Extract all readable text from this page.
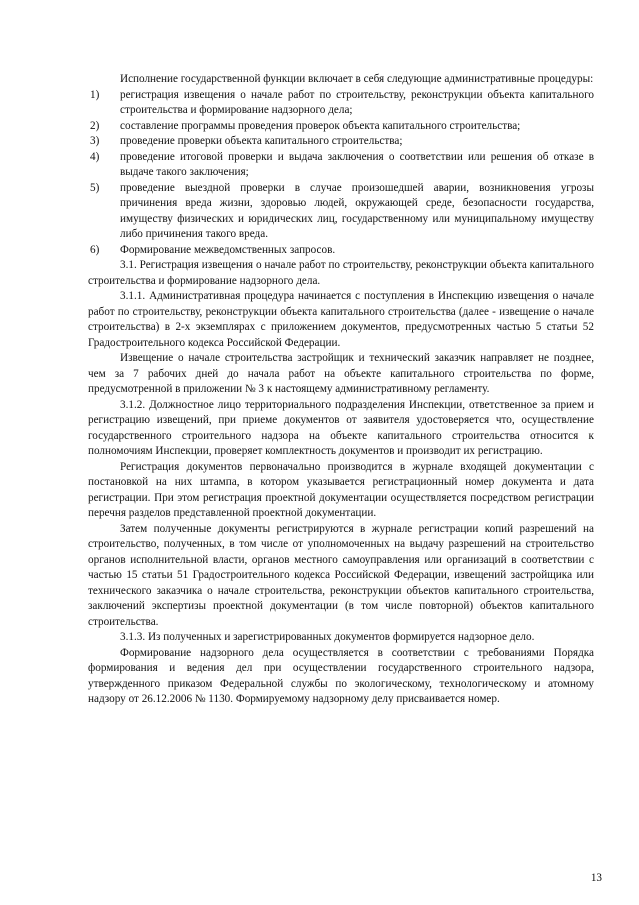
Исполнение государственной функции включает в себя следующие административные процедуры:

1)	регистрация извещения о начале работ по строительству, реконструкции объекта капитального строительства и формирование надзорного дела;
2)	составление программы проведения проверок объекта капитального строительства;
3)	проведение проверки объекта капитального строительства;
4)	проведение итоговой проверки и выдача заключения о соответствии или решения об отказе в выдаче такого заключения;
5)	проведение выездной проверки в случае произошедшей аварии, возникновения угрозы причинения вреда жизни, здоровью людей, окружающей среде, безопасности государства, имуществу физических и юридических лиц, государственному или муниципальному имуществу либо причинения такого вреда.
6)	Формирование межведомственных запросов.

3.1. Регистрация извещения о начале работ по строительству, реконструкции объекта капитального строительства и формирование надзорного дела.

3.1.1. Административная процедура начинается с поступления в Инспекцию извещения о начале работ по строительству, реконструкции объекта капитального строительства (далее - извещение о начале строительства) в 2-х экземплярах с приложением документов, предусмотренных частью 5 статьи 52 Градостроительного кодекса Российской Федерации.

Извещение о начале строительства застройщик и технический заказчик направляет не позднее, чем за 7 рабочих дней до начала работ на объекте капитального строительства по форме, предусмотренной в приложении № 3 к настоящему административному регламенту.

3.1.2. Должностное лицо территориального подразделения Инспекции, ответственное за прием и регистрацию извещений, при приеме документов от заявителя удостоверяется что, осуществление государственного строительного надзора на объекте капитального строительства относится к полномочиям Инспекции, проверяет комплектность документов и производит их регистрацию.

Регистрация документов первоначально производится в журнале входящей документации с постановкой на них штампа, в котором указывается регистрационный номер документа и дата регистрации. При этом регистрация проектной документации осуществляется посредством регистрации перечня разделов представленной проектной документации.

Затем полученные документы регистрируются в журнале регистрации копий разрешений на строительство, полученных, в том числе от уполномоченных на выдачу разрешений на строительство органов исполнительной власти, органов местного самоуправления или организаций в соответствии с частью 15 статьи 51 Градостроительного кодекса Российской Федерации, извещений застройщика или технического заказчика о начале строительства, реконструкции объектов капитального строительства, заключений экспертизы проектной документации (в том числе повторной) объектов капитального строительства.

3.1.3. Из полученных и зарегистрированных документов формируется надзорное дело.

Формирование надзорного дела осуществляется в соответствии с требованиями Порядка формирования и ведения дел при осуществлении государственного строительного надзора, утвержденного приказом Федеральной службы по экологическому, технологическому и атомному надзору от 26.12.2006 № 1130. Формируемому надзорному делу присваивается номер.

13
